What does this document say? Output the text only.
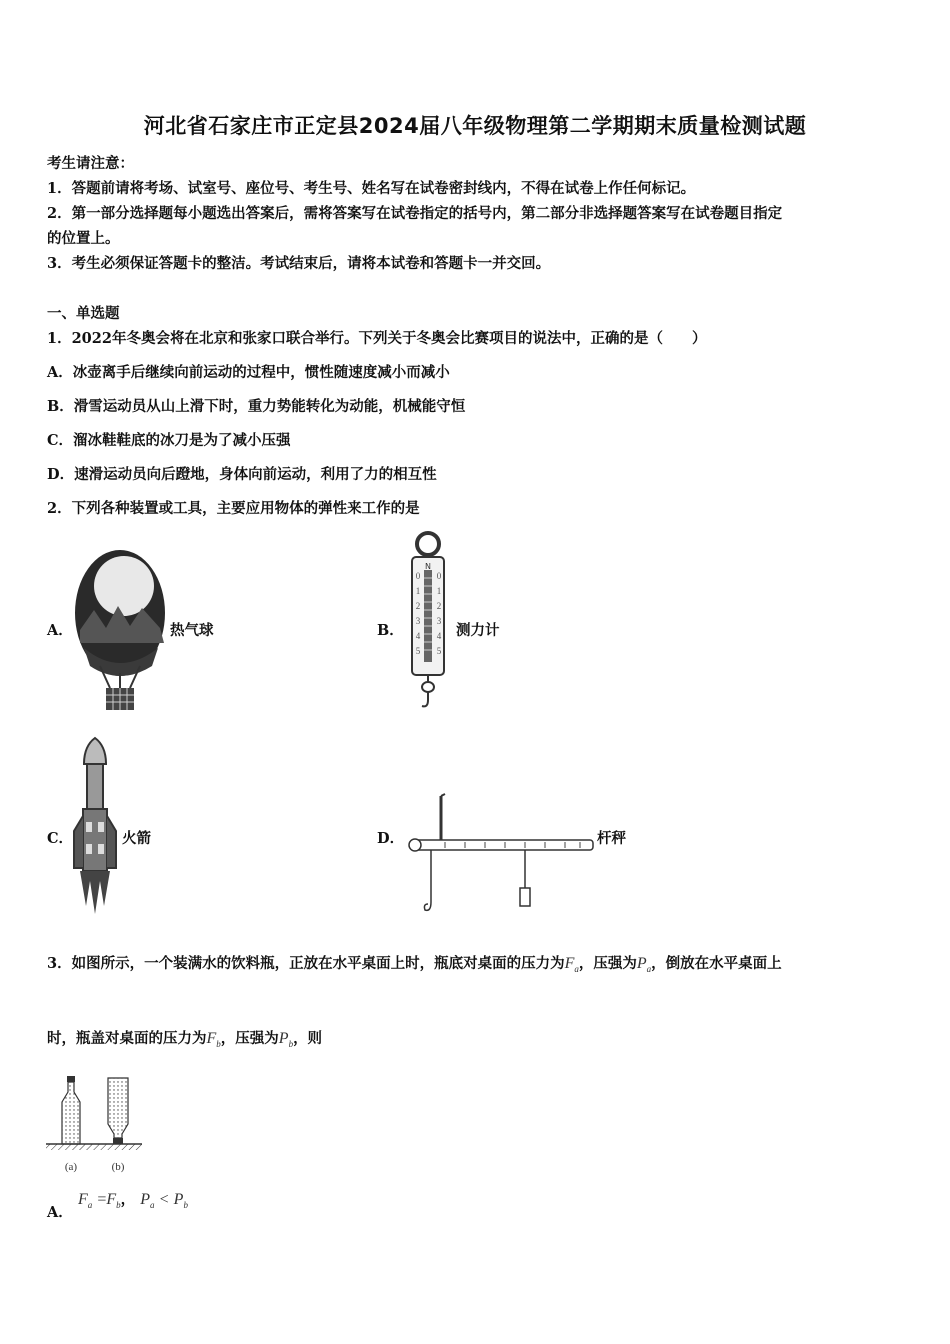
河北省石家庄市正定县2024届八年级物理第二学期期末质量检测试题
考生请注意：
1．答题前请将考场、试室号、座位号、考生号、姓名写在试卷密封线内，不得在试卷上作任何标记。
2．第一部分选择题每小题选出答案后，需将答案写在试卷指定的括号内，第二部分非选择题答案写在试卷题目指定
的位置上。
3．考生必须保证答题卡的整洁。考试结束后，请将本试卷和答题卡一并交回。
一、单选题
1．2022年冬奥会将在北京和张家口联合举行。下列关于冬奥会比赛项目的说法中，正确的是（　　）
A．冰壶离手后继续向前运动的过程中，惯性随速度减小而减小
B．滑雪运动员从山上滑下时，重力势能转化为动能，机械能守恒
C．溜冰鞋鞋底的冰刀是为了减小压强
D．速滑运动员向后蹬地，身体向前运动，利用了力的相互性
2．下列各种装置或工具，主要应用物体的弹性来工作的是
A．	热气球	B．
N
0
1
2
3
4
5
0
1
2
3
4
5
测力计
C．	火箭	D．	杆秤
3．如图所示，一个装满水的饮料瓶，正放在水平桌面上时，瓶底对桌面的压力为$F_a$，压强为$P_a$，倒放在水平桌面上
时，瓶盖对桌面的压力为$F_b$，压强为$P_b$，则
(a)	(b)
A．
$F_a =F_b$， $P_a < P_b$
